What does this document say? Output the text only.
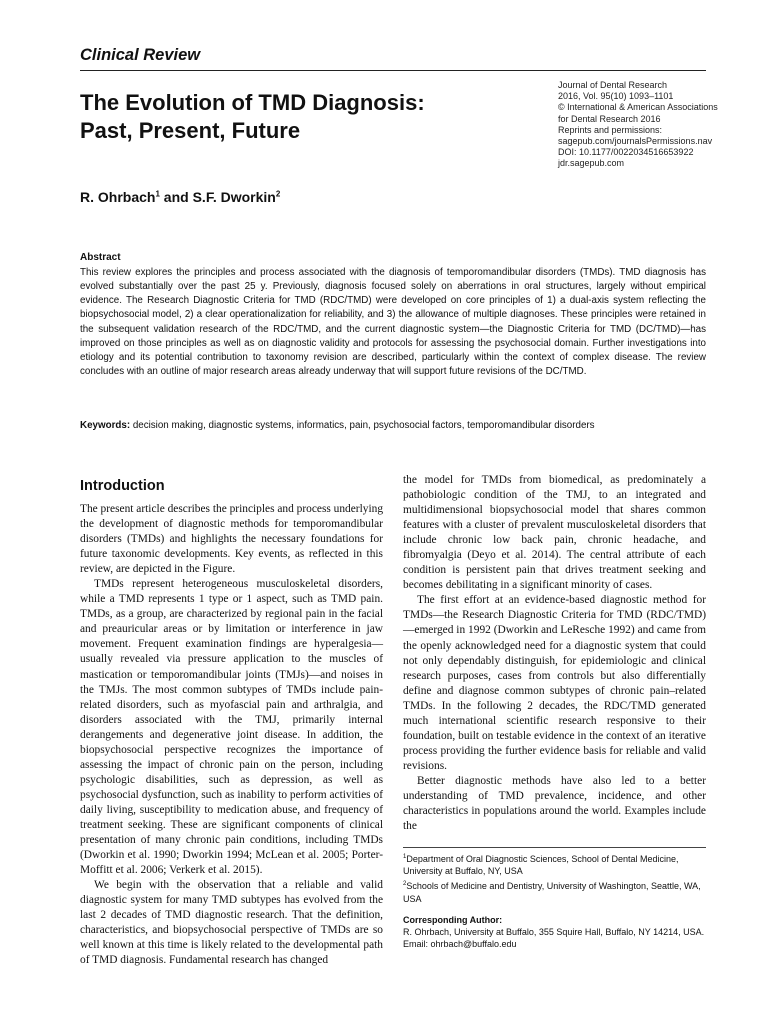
Clinical Review
Journal of Dental Research
2016, Vol. 95(10) 1093–1101
© International & American Associations
for Dental Research 2016
Reprints and permissions:
sagepub.com/journalsPermissions.nav
DOI: 10.1177/0022034516653922
jdr.sagepub.com
The Evolution of TMD Diagnosis:
Past, Present, Future
R. Ohrbach$^1$ and S.F. Dworkin$^2$
Abstract
This review explores the principles and process associated with the diagnosis of temporomandibular disorders (TMDs). TMD diagnosis has evolved substantially over the past 25 y. Previously, diagnosis focused solely on aberrations in oral structures, largely without empirical evidence. The Research Diagnostic Criteria for TMD (RDC/TMD) were developed on core principles of 1) a dual-axis system reflecting the biopsychosocial model, 2) a clear operationalization for reliability, and 3) the allowance of multiple diagnoses. These principles were retained in the subsequent validation research of the RDC/TMD, and the current diagnostic system—the Diagnostic Criteria for TMD (DC/TMD)—has improved on those principles as well as on diagnostic validity and protocols for assessing the psychosocial domain. Further investigations into etiology and its potential contribution to taxonomy revision are described, particularly within the context of complex disease. The review concludes with an outline of major research areas already underway that will support future revisions of the DC/TMD.
Keywords: decision making, diagnostic systems, informatics, pain, psychosocial factors, temporomandibular disorders
Introduction

The present article describes the principles and process underlying the development of diagnostic methods for temporomandibular disorders (TMDs) and highlights the necessary foundations for future taxonomic developments. Key events, as reflected in this review, are depicted in the Figure.

TMDs represent heterogeneous musculoskeletal disorders, while a TMD represents 1 type or 1 aspect, such as TMD pain. TMDs, as a group, are characterized by regional pain in the facial and preauricular areas or by limitation or interference in jaw movement. Frequent examination findings are hyperalgesia—usually revealed via pressure application to the muscles of mastication or temporomandibular joints (TMJs)—and noises in the TMJs. The most common subtypes of TMDs include pain-related disorders, such as myofascial pain and arthralgia, and disorders associated with the TMJ, primarily internal derangements and degenerative joint disease. In addition, the biopsychosocial perspective recognizes the importance of assessing the impact of chronic pain on the person, including psychologic disabilities, such as depression, as well as psychosocial dysfunction, such as inability to perform activities of daily living, susceptibility to medication abuse, and frequency of treatment seeking. These are significant components of clinical presentation of many chronic pain conditions, including TMDs (Dworkin et al. 1990; Dworkin 1994; McLean et al. 2005; Porter-Moffitt et al. 2006; Verkerk et al. 2015).

We begin with the observation that a reliable and valid diagnostic system for many TMD subtypes has evolved from the last 2 decades of TMD diagnostic research. That the definition, characteristics, and biopsychosocial perspective of TMDs are so well known at this time is likely related to the developmental path of TMD diagnosis. Fundamental research has changed

the model for TMDs from biomedical, as predominately a pathobiologic condition of the TMJ, to an integrated and multidimensional biopsychosocial model that shares common features with a cluster of prevalent musculoskeletal disorders that include chronic low back pain, chronic headache, and fibromyalgia (Deyo et al. 2014). The central attribute of each condition is persistent pain that drives treatment seeking and becomes debilitating in a significant minority of cases.

The first effort at an evidence-based diagnostic method for TMDs—the Research Diagnostic Criteria for TMD (RDC/TMD)—emerged in 1992 (Dworkin and LeResche 1992) and came from the openly acknowledged need for a diagnostic system that could not only dependably distinguish, for epidemiologic and clinical research purposes, cases from controls but also differentially define and diagnose common subtypes of chronic pain–related TMDs. In the following 2 decades, the RDC/TMD generated much international scientific research responsive to their foundation, built on testable evidence in the context of an iterative process providing the further evidence basis for reliable and valid revisions.

Better diagnostic methods have also led to a better understanding of TMD prevalence, incidence, and other characteristics in populations around the world. Examples include the

$^1$Department of Oral Diagnostic Sciences, School of Dental Medicine, University at Buffalo, NY, USA

$^2$Schools of Medicine and Dentistry, University of Washington, Seattle, WA, USA

Corresponding Author:

R. Ohrbach, University at Buffalo, 355 Squire Hall, Buffalo, NY 14214, USA.

Email: ohrbach@buffalo.edu
